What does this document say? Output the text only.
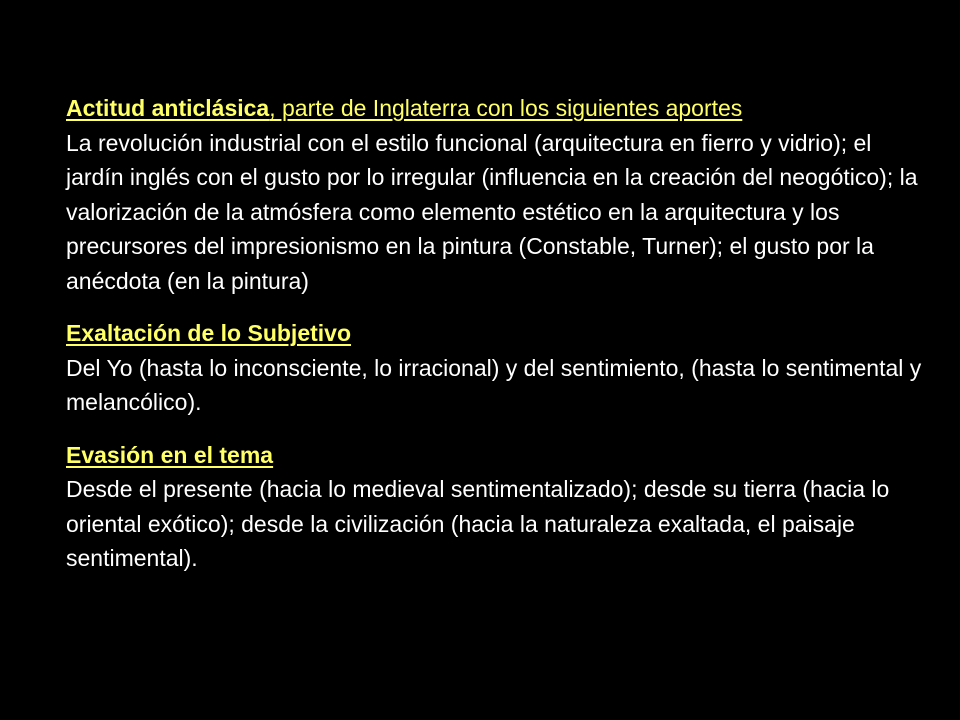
Actitud anticlásica, parte de Inglaterra con los siguientes aportes
La revolución industrial con el estilo funcional (arquitectura en fierro y vidrio); el jardín inglés con el gusto por lo irregular (influencia en la creación del neogótico); la valorización de la atmósfera como elemento estético en la arquitectura y los precursores del impresionismo en la pintura (Constable, Turner); el gusto por la anécdota (en la pintura)
Exaltación de lo Subjetivo
Del Yo (hasta lo inconsciente, lo irracional) y del sentimiento, (hasta lo sentimental y melancólico).
Evasión en el tema
Desde el presente (hacia lo medieval sentimentalizado); desde su tierra (hacia lo oriental exótico); desde la civilización (hacia la naturaleza exaltada, el paisaje sentimental).
